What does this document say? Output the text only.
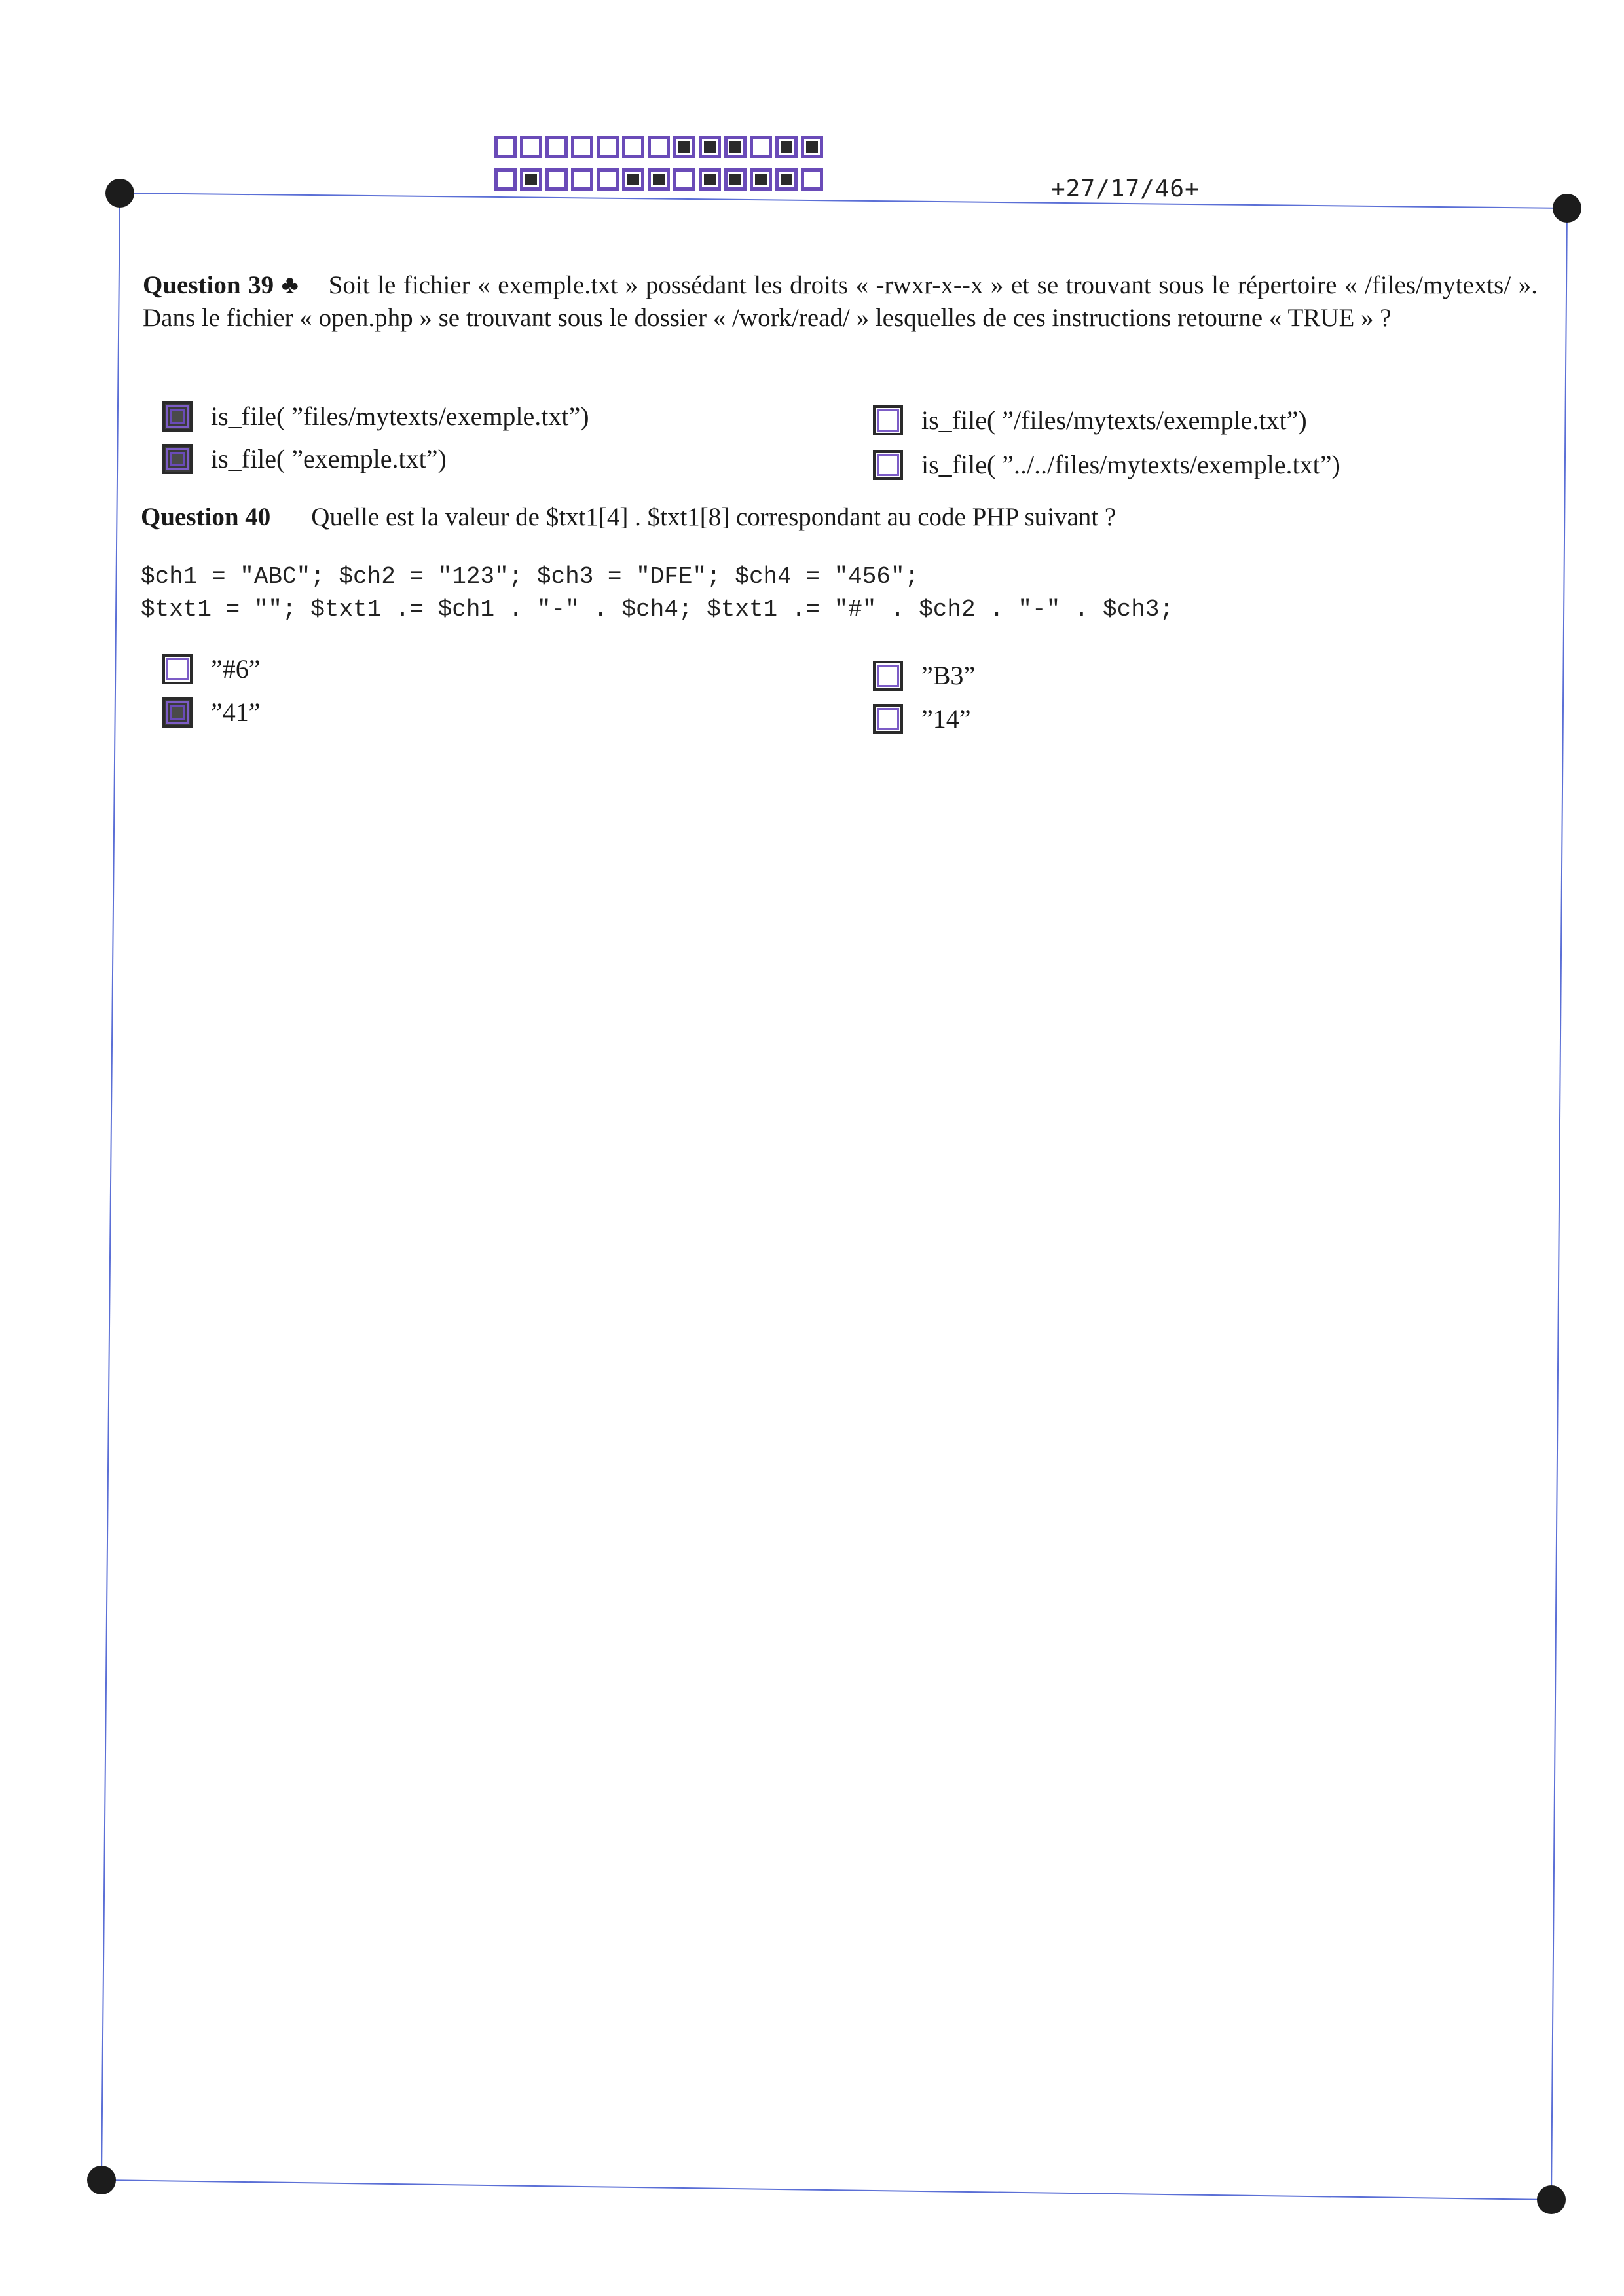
+27/17/46+
Question 39 ♣ Soit le fichier « exemple.txt » possédant les droits « -rwxr-x--x » et se trouvant sous le répertoire « /files/mytexts/ ». Dans le fichier « open.php » se trouvant sous le dossier « /work/read/ » lesquelles de ces instructions retourne « TRUE » ?
is_file( ”files/mytexts/exemple.txt”)
is_file( ”exemple.txt”)
is_file( ”/files/mytexts/exemple.txt”)
is_file( ”../../files/mytexts/exemple.txt”)
Question 40 Quelle est la valeur de $txt1[4] . $txt1[8] correspondant au code PHP suivant ?
$ch1 = "ABC"; $ch2 = "123"; $ch3 = "DFE"; $ch4 = "456";
$txt1 = ""; $txt1 .= $ch1 . "-" . $ch4; $txt1 .= "#" . $ch2 . "-" . $ch3;
”#6”
”41”
”B3”
”14”
